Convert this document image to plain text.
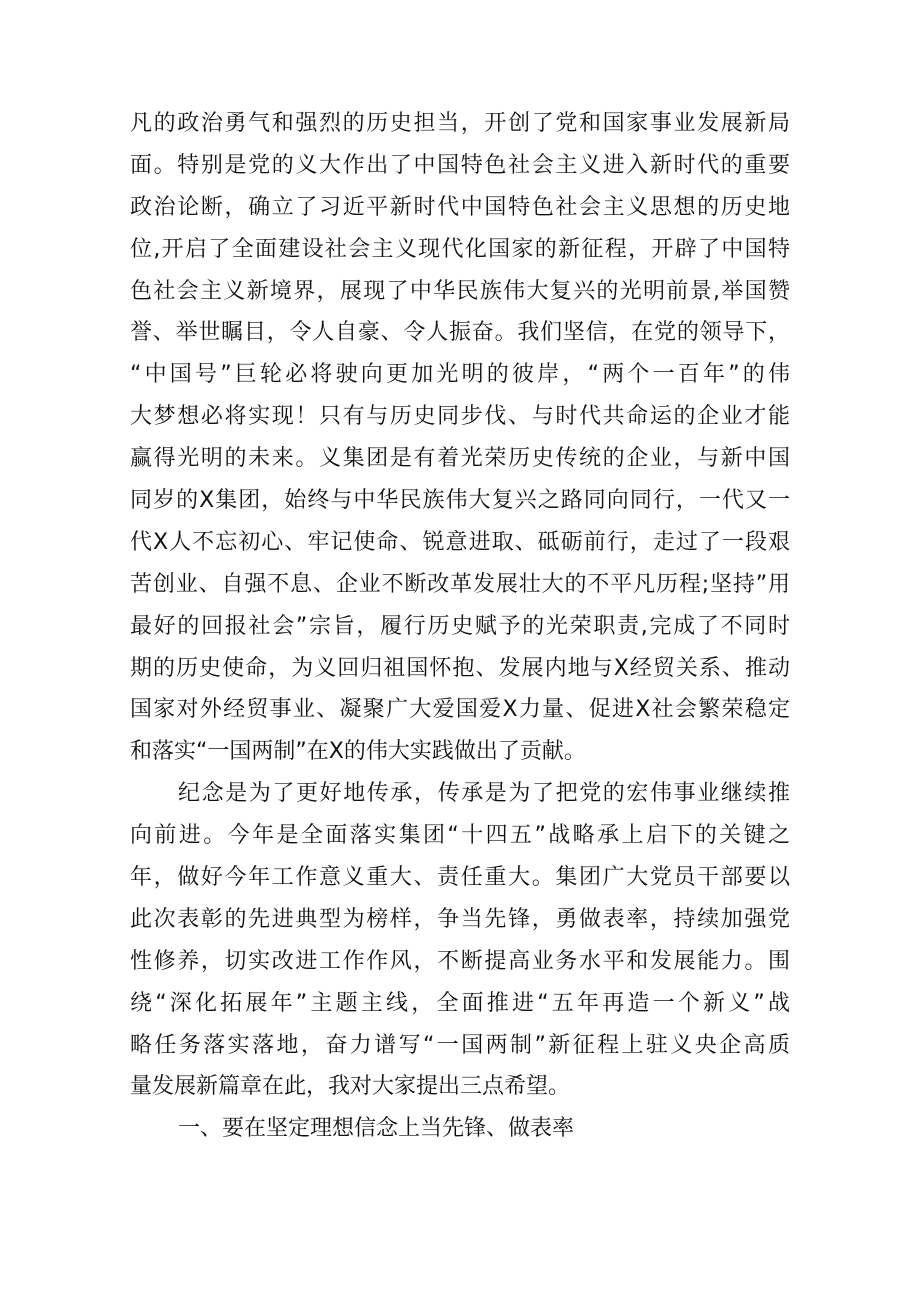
凡的政治勇气和强烈的历史担当，开创了党和国家事业发展新局
面。特别是党的义大作出了中国特色社会主义进入新时代的重要
政治论断，确立了习近平新时代中国特色社会主义思想的历史地
位,开启了全面建设社会主义现代化国家的新征程，开辟了中国特
色社会主义新境界，展现了中华民族伟大复兴的光明前景,举国赞
誉、举世瞩目，令人自豪、令人振奋。我们坚信，在党的领导下，
“中国号”巨轮必将驶向更加光明的彼岸，“两个一百年”的伟
大梦想必将实现！只有与历史同步伐、与时代共命运的企业才能
赢得光明的未来。义集团是有着光荣历史传统的企业，与新中国
同岁的X集团，始终与中华民族伟大复兴之路同向同行，一代又一
代X人不忘初心、牢记使命、锐意进取、砥砺前行，走过了一段艰
苦创业、自强不息、企业不断改革发展壮大的不平凡历程;坚持”用
最好的回报社会”宗旨，履行历史赋予的光荣职责,完成了不同时
期的历史使命，为义回归祖国怀抱、发展内地与X经贸关系、推动
国家对外经贸事业、凝聚广大爱国爱X力量、促进X社会繁荣稳定
和落实“一国两制”在X的伟大实践做出了贡献。
纪念是为了更好地传承，传承是为了把党的宏伟事业继续推
向前进。今年是全面落实集团“十四五”战略承上启下的关键之
年，做好今年工作意义重大、责任重大。集团广大党员干部要以
此次表彰的先进典型为榜样，争当先锋，勇做表率，持续加强党
性修养，切实改进工作作风，不断提高业务水平和发展能力。围
绕“深化拓展年”主题主线，全面推进“五年再造一个新义”战
略任务落实落地，奋力谱写“一国两制”新征程上驻义央企高质
量发展新篇章在此，我对大家提出三点希望。
一、要在坚定理想信念上当先锋、做表率
